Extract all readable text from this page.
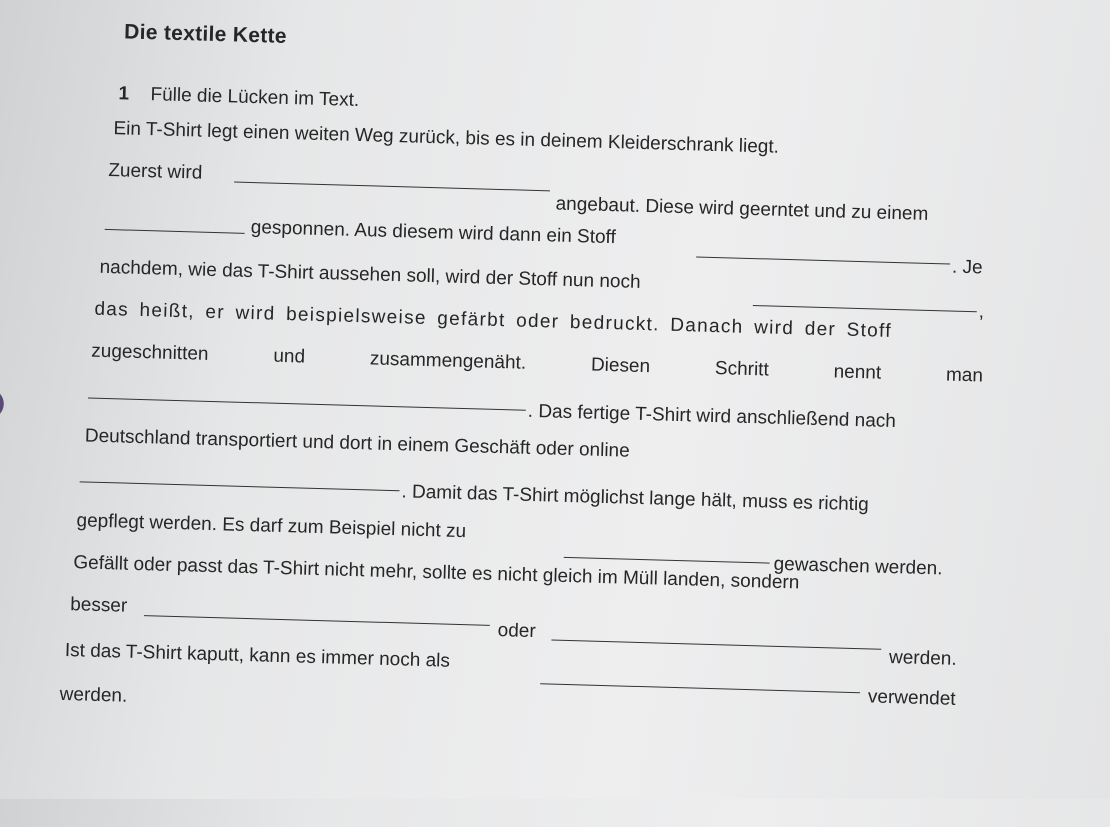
Die textile Kette
1 Fülle die Lücken im Text.
Ein T-Shirt legt einen weiten Weg zurück, bis es in deinem Kleiderschrank liegt.
Zuerst wird
angebaut. Diese wird geerntet und zu einem
gesponnen. Aus diesem wird dann ein Stoff
. Je
nachdem, wie das T-Shirt aussehen soll, wird der Stoff nun noch
,
das heißt, er wird beispielsweise gefärbt oder bedruckt. Danach wird der Stoff
zugeschnitten	und	zusammengenäht.	Diesen	Schritt	nennt	man
. Das fertige T-Shirt wird anschließend nach
Deutschland transportiert und dort in einem Geschäft oder online
. Damit das T-Shirt möglichst lange hält, muss es richtig
gepflegt werden. Es darf zum Beispiel nicht zu
gewaschen werden.
Gefällt oder passt das T-Shirt nicht mehr, sollte es nicht gleich im Müll landen, sondern
besser
oder
werden.
Ist das T-Shirt kaputt, kann es immer noch als
verwendet
werden.
